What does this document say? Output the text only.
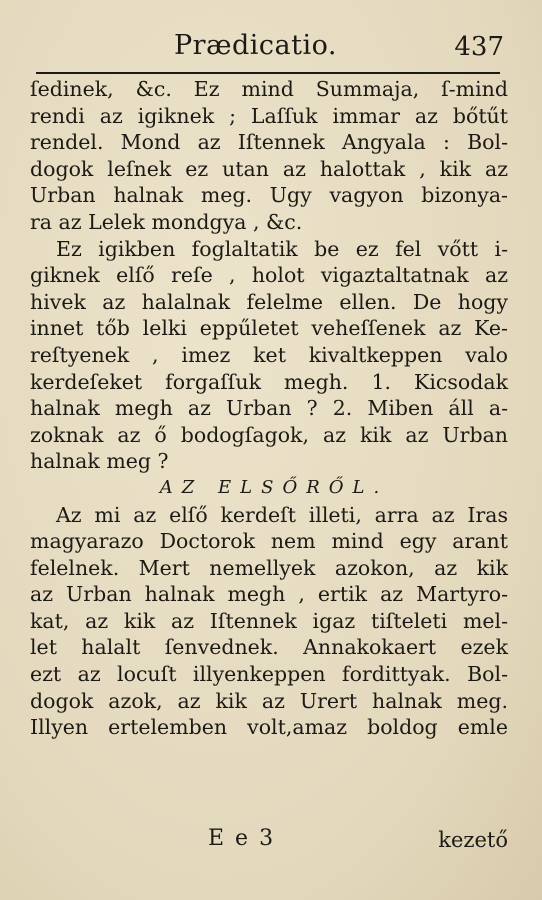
Prædicatio.	437
ſedinek, &c. Ez mind Summaja, ſ-mind
rendi az igiknek ; Laſſuk immar az bőtűt
rendel. Mond az Iſtennek Angyala : Bol-
dogok leſnek ez utan az halottak , kik az
Urban halnak meg. Ugy vagyon bizonya-
ra az Lelek mondgya , &c.
Ez igikben foglaltatik be ez fel vőtt i-
giknek elſő reſe , holot vigaztaltatnak az
hivek az halalnak felelme ellen. De hogy
innet tőb lelki eppűletet veheſſenek az Ke-
reſtyenek , imez ket kivaltkeppen valo
kerdeſeket forgaſſuk megh. 1. Kicsodak
halnak megh az Urban ? 2. Miben áll a-
zoknak az ő bodogſagok, az kik az Urban
halnak meg ?
AZ ELSŐRŐL.
Az mi az elſő kerdeſt illeti, arra az Iras
magyarazo Doctorok nem mind egy arant
felelnek. Mert nemellyek azokon, az kik
az Urban halnak megh , ertik az Martyro-
kat, az kik az Iſtennek igaz tiſteleti mel-
let halalt ſenvednek. Annakokaert ezek
ezt az locuſt illyenkeppen fordittyak. Bol-
dogok azok, az kik az Urert halnak meg.
Illyen ertelemben volt,amaz boldog emle
E e 3	kezető
